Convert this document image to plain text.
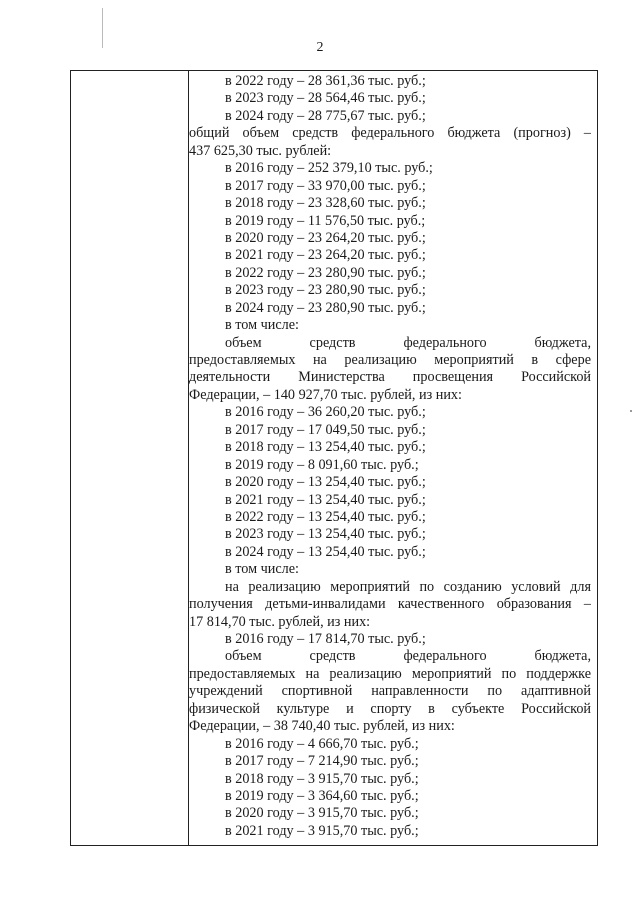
2
в 2022 году – 28 361,36 тыс. руб.;
в 2023 году – 28 564,46 тыс. руб.;
в 2024 году – 28 775,67 тыс. руб.;
общий объем средств федерального бюджета (прогноз) –
437 625,30 тыс. рублей:
в 2016 году – 252 379,10 тыс. руб.;
в 2017 году – 33 970,00 тыс. руб.;
в 2018 году – 23 328,60 тыс. руб.;
в 2019 году – 11 576,50 тыс. руб.;
в 2020 году – 23 264,20 тыс. руб.;
в 2021 году – 23 264,20 тыс. руб.;
в 2022 году – 23 280,90 тыс. руб.;
в 2023 году – 23 280,90 тыс. руб.;
в 2024 году – 23 280,90 тыс. руб.;
в том числе:
объем средств федерального бюджета,
предоставляемых на реализацию мероприятий в сфере
деятельности Министерства просвещения Российской
Федерации, – 140 927,70 тыс. рублей, из них:
в 2016 году – 36 260,20 тыс. руб.;
в 2017 году – 17 049,50 тыс. руб.;
в 2018 году – 13 254,40 тыс. руб.;
в 2019 году – 8 091,60 тыс. руб.;
в 2020 году – 13 254,40 тыс. руб.;
в 2021 году – 13 254,40 тыс. руб.;
в 2022 году – 13 254,40 тыс. руб.;
в 2023 году – 13 254,40 тыс. руб.;
в 2024 году – 13 254,40 тыс. руб.;
в том числе:
на реализацию мероприятий по созданию условий для
получения детьми-инвалидами качественного образования –
17 814,70 тыс. рублей, из них:
в 2016 году – 17 814,70 тыс. руб.;
объем средств федерального бюджета,
предоставляемых на реализацию мероприятий по поддержке
учреждений спортивной направленности по адаптивной
физической культуре и спорту в субъекте Российской
Федерации, – 38 740,40 тыс. рублей, из них:
в 2016 году – 4 666,70 тыс. руб.;
в 2017 году – 7 214,90 тыс. руб.;
в 2018 году – 3 915,70 тыс. руб.;
в 2019 году – 3 364,60 тыс. руб.;
в 2020 году – 3 915,70 тыс. руб.;
в 2021 году – 3 915,70 тыс. руб.;
